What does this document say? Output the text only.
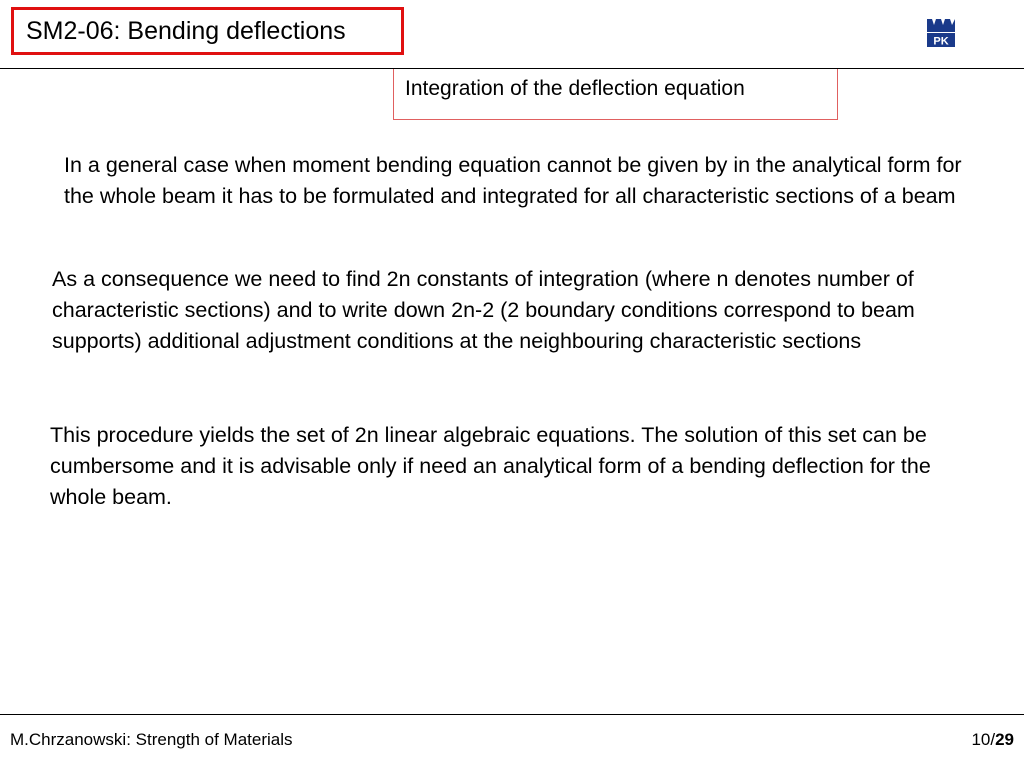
SM2-06: Bending deflections	PK
Integration of the deflection equation

In a general case when moment bending equation cannot be given by in the analytical form for the whole beam it has to be formulated and integrated for all characteristic sections of a beam

As a consequence we need to find 2n constants of integration (where n denotes number of characteristic sections) and to write down 2n-2 (2 boundary conditions correspond to beam supports) additional adjustment conditions at the neighbouring characteristic sections

This procedure yields the set of 2n linear algebraic equations. The solution of this set can be cumbersome and it is advisable only if need an analytical form of a bending deflection for the whole beam.

M.Chrzanowski: Strength of Materials	10/29
